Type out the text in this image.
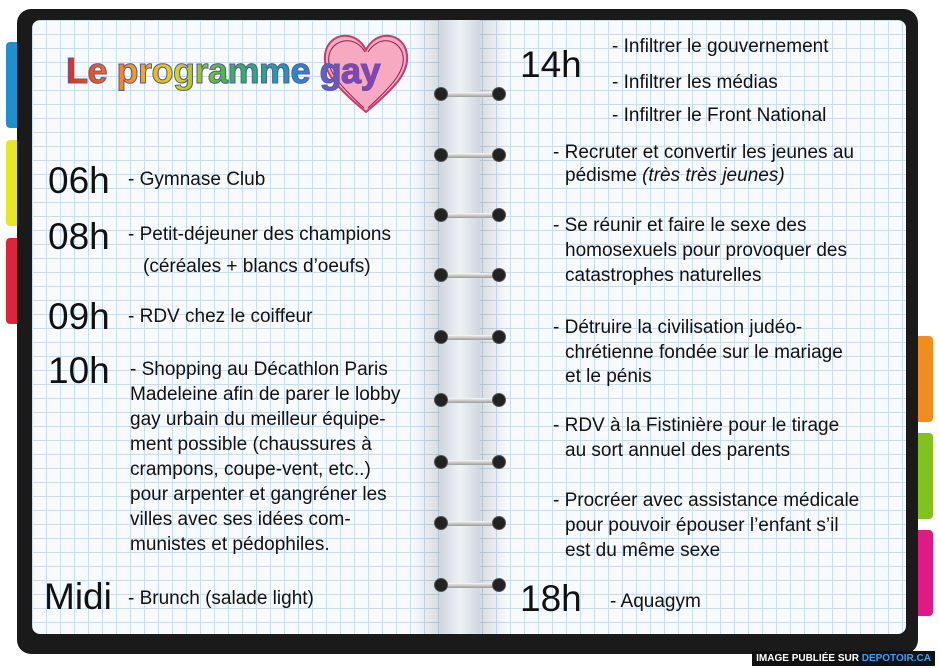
Le programme gay
06h - Gymnase Club
08h - Petit-déjeuner des champions
(céréales + blancs d’oeufs)
09h - RDV chez le coiffeur
10h - Shopping au Décathlon Paris
Madeleine afin de parer le lobby
gay urbain du meilleur équipe-
ment possible (chaussures à
crampons, coupe-vent, etc..)
pour arpenter et gangréner les
villes avec ses idées com-
munistes et pédophiles.
Midi - Brunch (salade light)
14h - Infiltrer le gouvernement
- Infiltrer les médias
- Infiltrer le Front National
- Recruter et convertir les jeunes au
pédisme (très très jeunes)
- Se réunir et faire le sexe des
homosexuels pour provoquer des
catastrophes naturelles
- Détruire la civilisation judéo-
chrétienne fondée sur le mariage
et le pénis
- RDV à la Fistinière pour le tirage
au sort annuel des parents
- Procréer avec assistance médicale
pour pouvoir épouser l’enfant s’il
est du même sexe
18h - Aquagym
IMAGE PUBLIÉE SUR DEPOTOIR.CA
